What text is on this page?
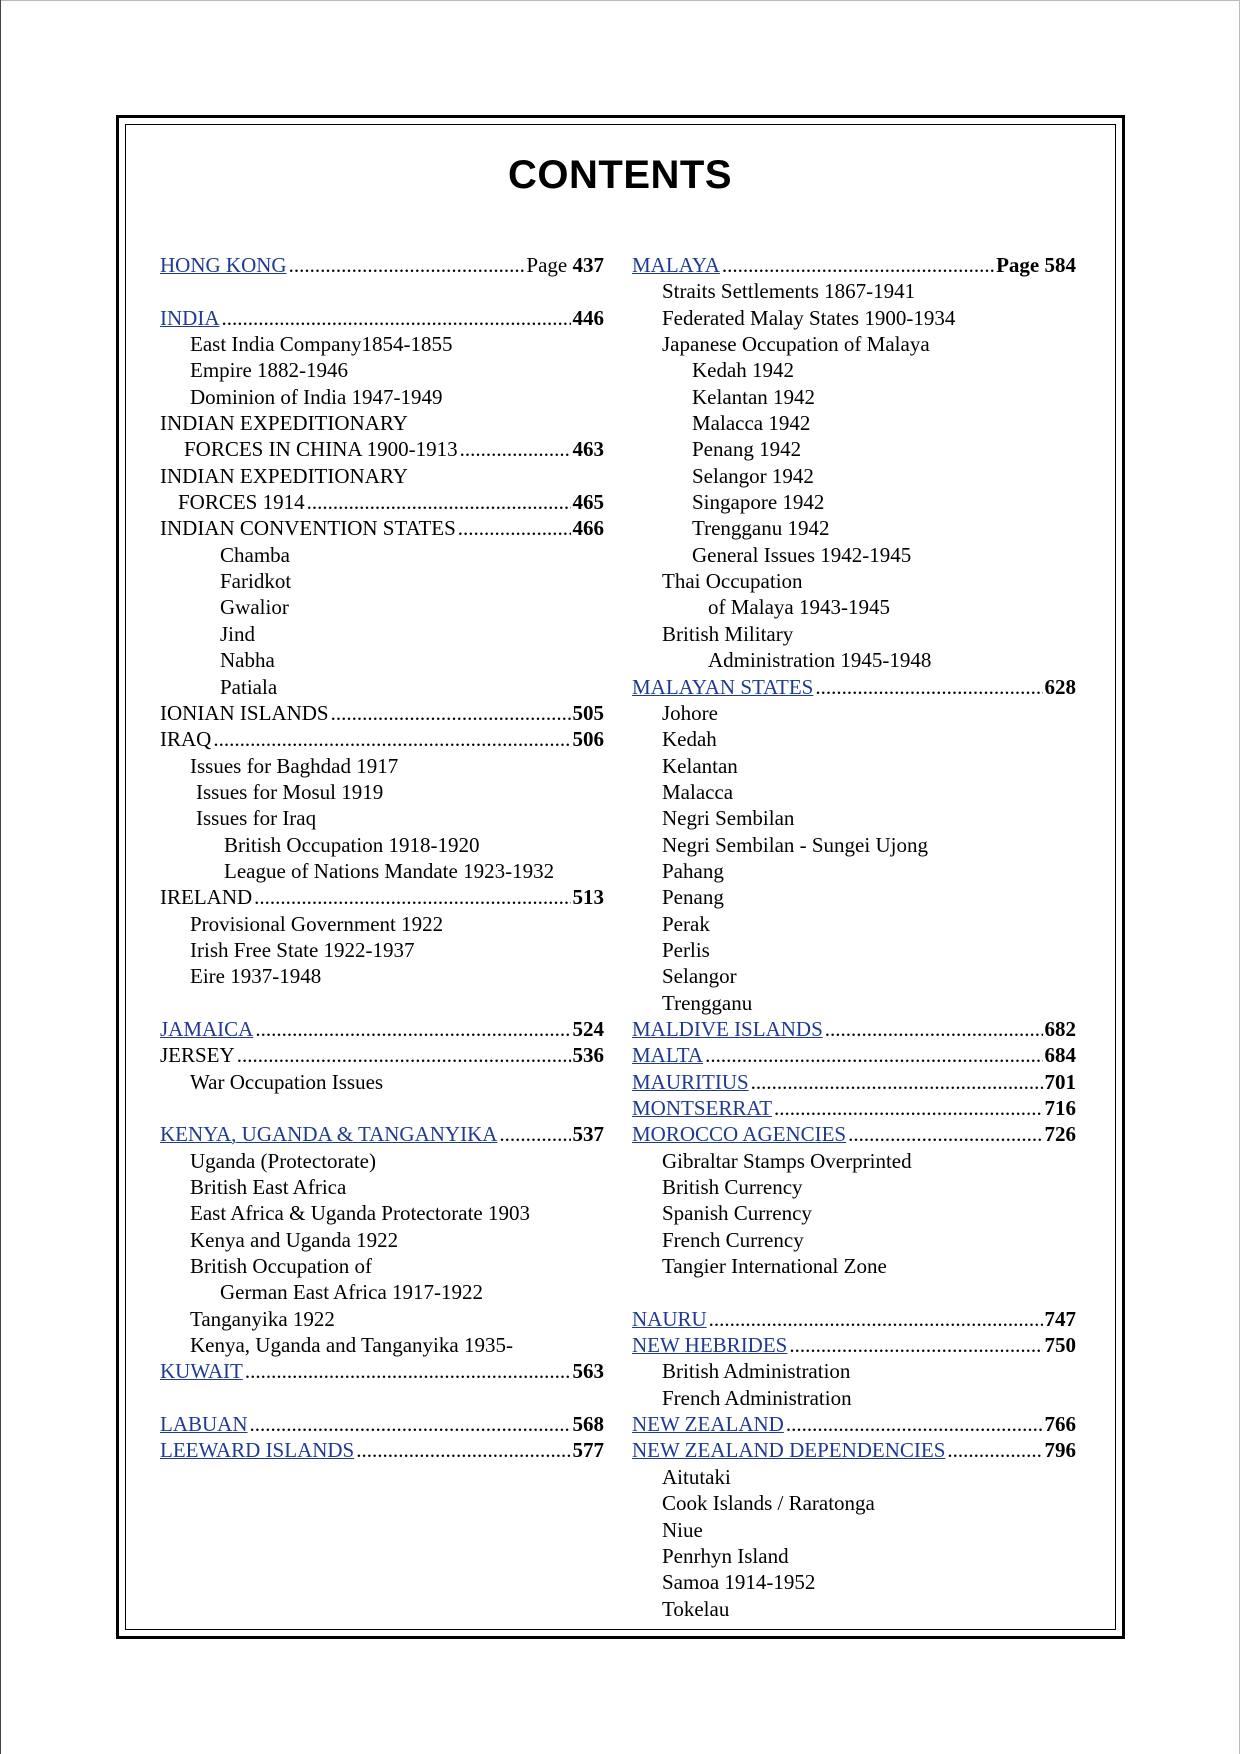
CONTENTS
HONG KONG .....	Page 437
INDIA .....	446
East India Company1854-1855
Empire 1882-1946
Dominion of India 1947-1949
INDIAN EXPEDITIONARY
FORCES IN CHINA 1900-1913 .....	463
INDIAN EXPEDITIONARY
FORCES 1914 .....	465
INDIAN CONVENTION STATES .....	466
Chamba
Faridkot
Gwalior
Jind
Nabha
Patiala
IONIAN ISLANDS .....	505
IRAQ .....	506
Issues for Baghdad 1917
Issues for Mosul 1919
Issues for Iraq
British Occupation 1918-1920
League of Nations Mandate 1923-1932
IRELAND .....	513
Provisional Government 1922
Irish Free State 1922-1937
Eire 1937-1948
JAMAICA .....	524
JERSEY .....	536
War Occupation Issues
KENYA, UGANDA & TANGANYIKA .....	537
Uganda (Protectorate)
British East Africa
East Africa & Uganda Protectorate 1903
Kenya and Uganda 1922
British Occupation of
German East Africa 1917-1922
Tanganyika 1922
Kenya, Uganda and Tanganyika 1935-
KUWAIT .....	563
LABUAN .....	568
LEEWARD ISLANDS .....	577
MALAYA .....	Page 584
Straits Settlements 1867-1941
Federated Malay States 1900-1934
Japanese Occupation of Malaya
Kedah 1942
Kelantan 1942
Malacca 1942
Penang 1942
Selangor 1942
Singapore 1942
Trengganu 1942
General Issues 1942-1945
Thai Occupation
of Malaya 1943-1945
British Military
Administration 1945-1948
MALAYAN STATES .....	628
Johore
Kedah
Kelantan
Malacca
Negri Sembilan
Negri Sembilan - Sungei Ujong
Pahang
Penang
Perak
Perlis
Selangor
Trengganu
MALDIVE ISLANDS .....	682
MALTA .....	684
MAURITIUS .....	701
MONTSERRAT .....	716
MOROCCO AGENCIES .....	726
Gibraltar Stamps Overprinted
British Currency
Spanish Currency
French Currency
Tangier International Zone
NAURU .....	747
NEW HEBRIDES .....	750
British Administration
French Administration
NEW ZEALAND .....	766
NEW ZEALAND DEPENDENCIES .....	796
Aitutaki
Cook Islands / Raratonga
Niue
Penrhyn Island
Samoa 1914-1952
Tokelau
